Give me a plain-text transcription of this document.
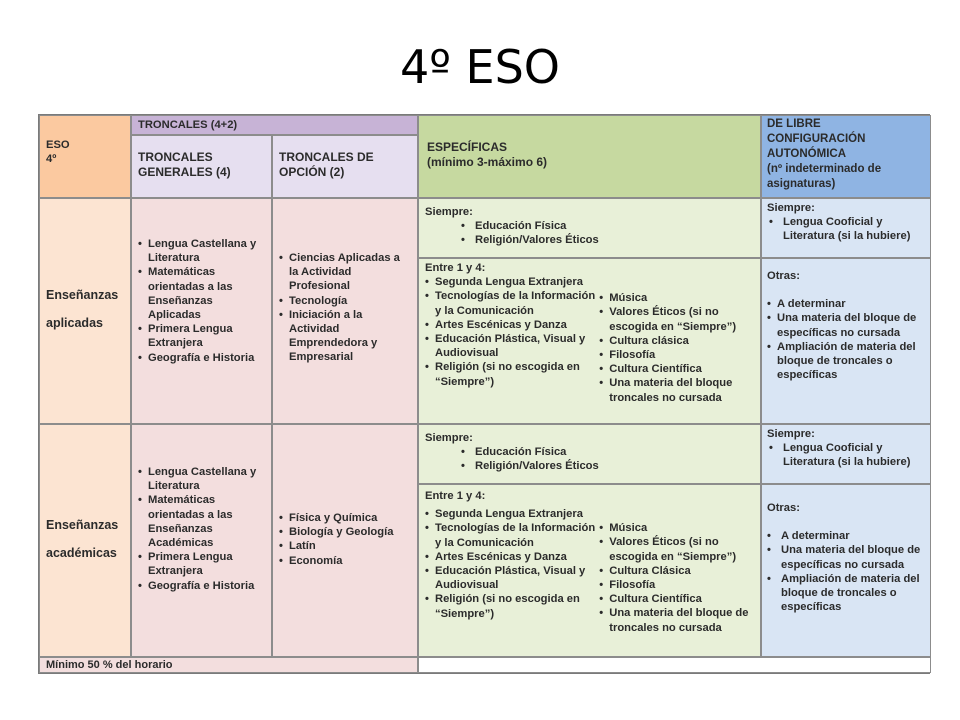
4º ESO
ESO
4º
TRONCALES (4+2)
TRONCALES
GENERALES (4)
TRONCALES DE
OPCIÓN (2)
ESPECÍFICAS
(mínimo 3-máximo 6)
DE LIBRE
CONFIGURACIÓN
AUTONÓMICA
(nº indeterminado de
asignaturas)
Enseñanzas
aplicadas
• Lengua Castellana y Literatura
• Matemáticas orientadas a las Enseñanzas Aplicadas
• Primera Lengua Extranjera
• Geografía e Historia
• Ciencias Aplicadas a la Actividad Profesional
• Tecnología
• Iniciación a la Actividad Emprendedora y Empresarial
Siempre:
• Educación Física
• Religión/Valores Éticos
Entre 1 y 4:
• Segunda Lengua Extranjera
• Tecnologías de la Información y la Comunicación
• Artes Escénicas y Danza
• Educación Plástica, Visual y Audiovisual
• Religión (si no escogida en “Siempre”)
• Música
• Valores Éticos (si no escogida en “Siempre”)
• Cultura clásica
• Filosofía
• Cultura Científica
• Una materia del bloque troncales no cursada
Siempre:
• Lengua Cooficial y Literatura (si la hubiere)
Otras:
• A determinar
• Una materia del bloque de específicas no cursada
• Ampliación de materia del bloque de troncales o específicas
Enseñanzas
académicas
• Lengua Castellana y Literatura
• Matemáticas orientadas a las Enseñanzas Académicas
• Primera Lengua Extranjera
• Geografía e Historia
• Física y Química
• Biología y Geología
• Latín
• Economía
Siempre:
• Educación Física
• Religión/Valores Éticos
Entre 1 y 4:
• Segunda Lengua Extranjera
• Tecnologías de la Información y la Comunicación
• Artes Escénicas y Danza
• Educación Plástica, Visual y Audiovisual
• Religión (si no escogida en “Siempre”)
• Música
• Valores Éticos (si no escogida en “Siempre”)
• Cultura Clásica
• Filosofía
• Cultura Científica
• Una materia del bloque de troncales no cursada
Siempre:
• Lengua Cooficial y Literatura (si la hubiere)
Otras:
• A determinar
• Una materia del bloque de específicas no cursada
• Ampliación de materia del bloque de troncales o específicas
Mínimo 50 % del horario
